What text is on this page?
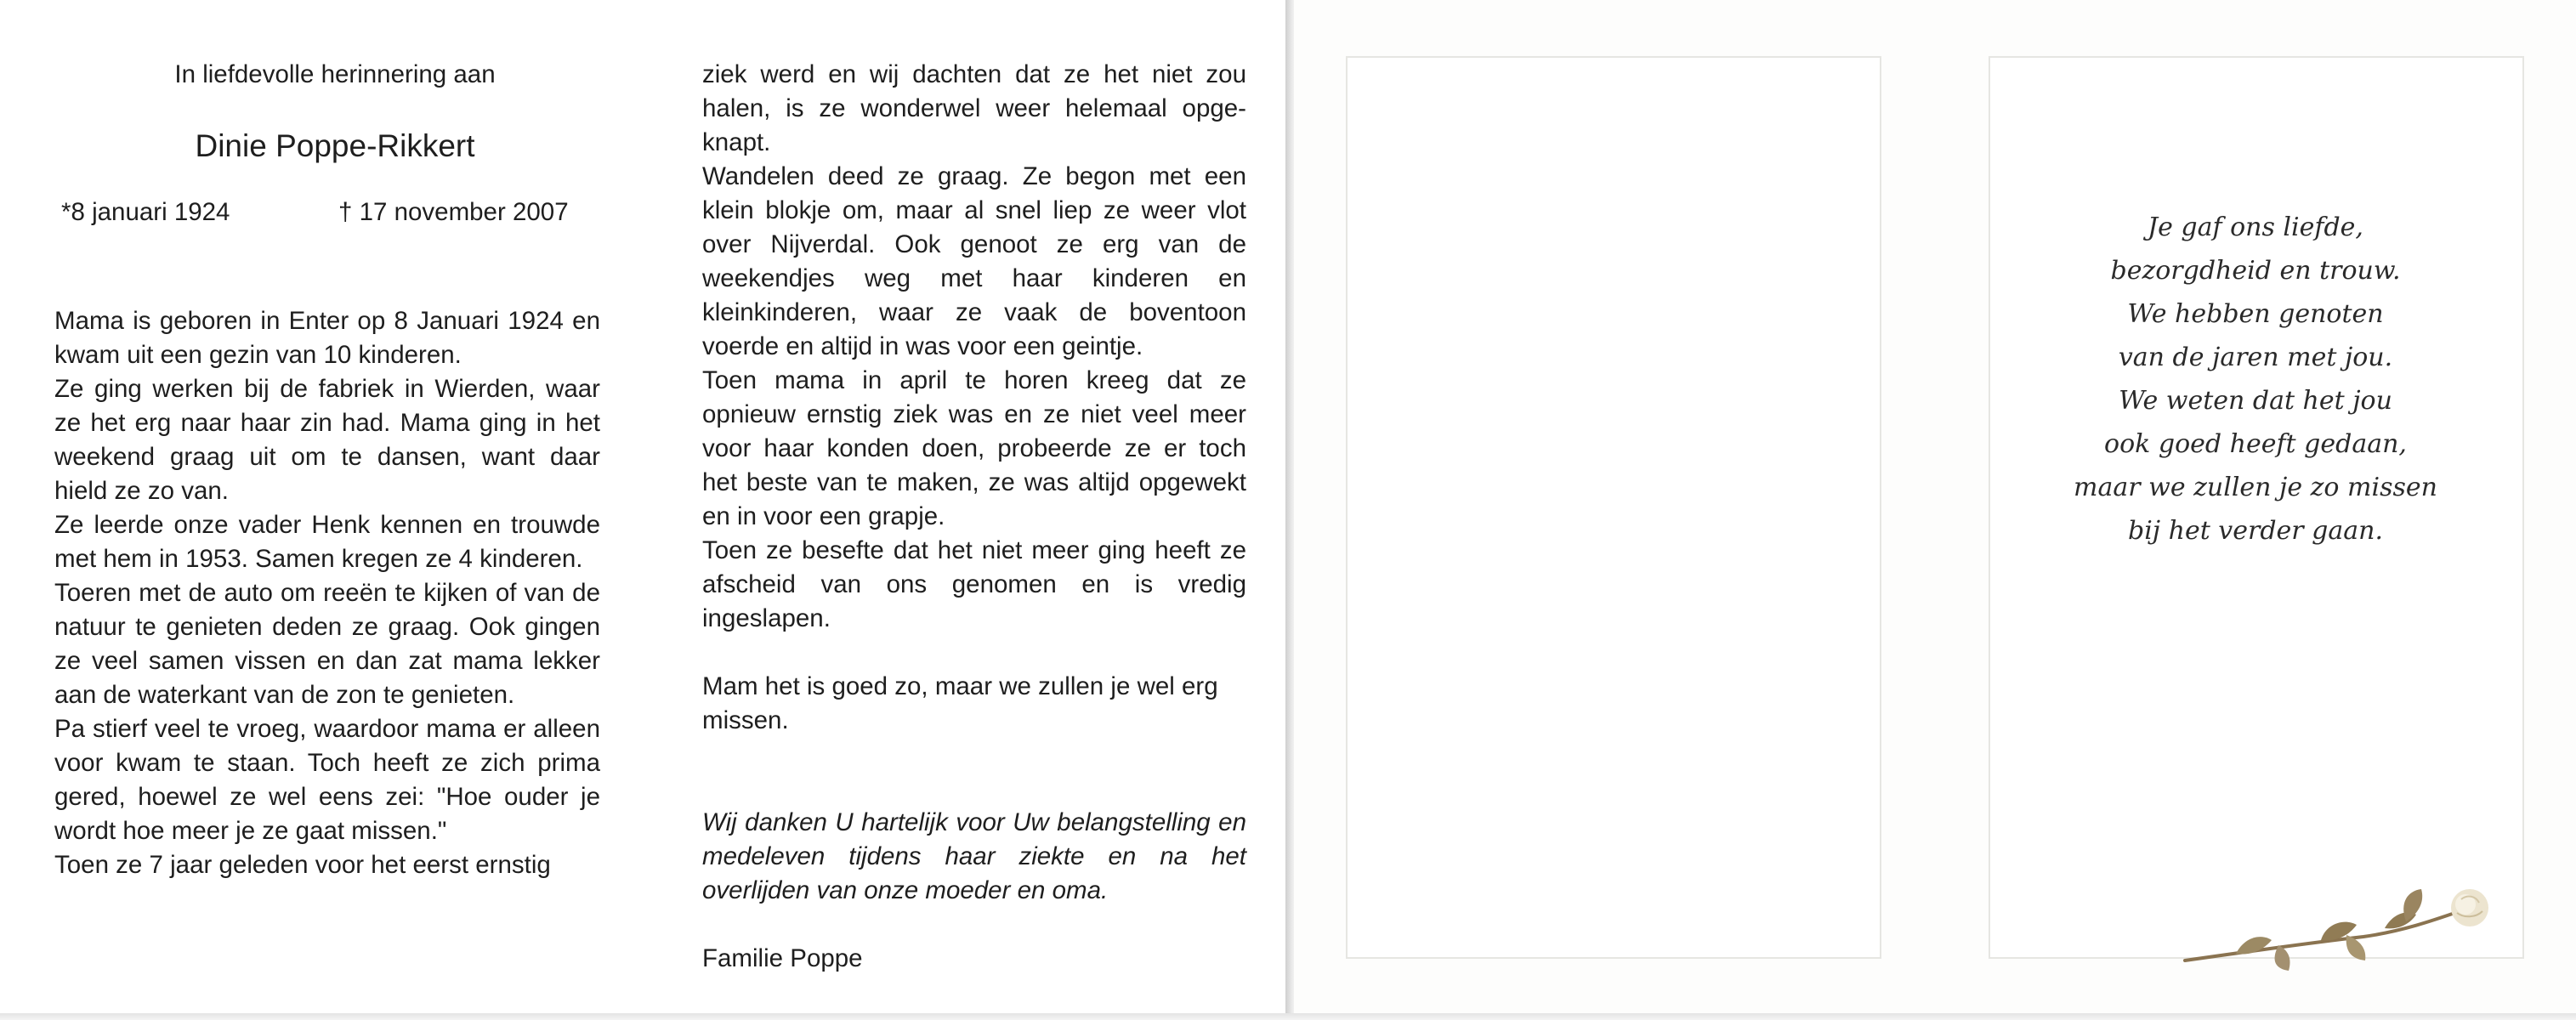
In liefdevolle herinnering aan

Dinie Poppe-Rikkert

*8 januari 1924	† 17 november 2007

Mama is geboren in Enter op 8 Januari 1924 en kwam uit een gezin van 10 kinderen.

Ze ging werken bij de fabriek in Wierden, waar ze het erg naar haar zin had. Mama ging in het weekend graag uit om te dansen, want daar hield ze zo van.

Ze leerde onze vader Henk kennen en trouwde met hem in 1953. Samen kregen ze 4 kinderen.

Toeren met de auto om reeën te kijken of van de natuur te genieten deden ze graag. Ook gingen ze veel samen vissen en dan zat mama lekker aan de waterkant van de zon te genieten.

Pa stierf veel te vroeg, waardoor mama er alleen voor kwam te staan. Toch heeft ze zich prima gered, hoewel ze wel eens zei: "Hoe ouder je wordt hoe meer je ze gaat missen."

Toen ze 7 jaar geleden voor het eerst ernstig

ziek werd en wij dachten dat ze het niet zou halen, is ze wonderwel weer helemaal opge-knapt.

Wandelen deed ze graag. Ze begon met een klein blokje om, maar al snel liep ze weer vlot over Nijverdal. Ook genoot ze erg van de weekendjes weg met haar kinderen en kleinkinderen, waar ze vaak de boventoon voerde en altijd in was voor een geintje.

Toen mama in april te horen kreeg dat ze opnieuw ernstig ziek was en ze niet veel meer voor haar konden doen, probeerde ze er toch het beste van te maken, ze was altijd opgewekt en in voor een grapje.

Toen ze besefte dat het niet meer ging heeft ze afscheid van ons genomen en is vredig ingeslapen.

Mam het is goed zo, maar we zullen je wel erg missen.

Wij danken U hartelijk voor Uw belangstelling en medeleven tijdens haar ziekte en na het overlijden van onze moeder en oma.

Familie Poppe

Je gaf ons liefde,
bezorgdheid en trouw.
We hebben genoten
van de jaren met jou.
We weten dat het jou
ook goed heeft gedaan,
maar we zullen je zo missen
bij het verder gaan.
